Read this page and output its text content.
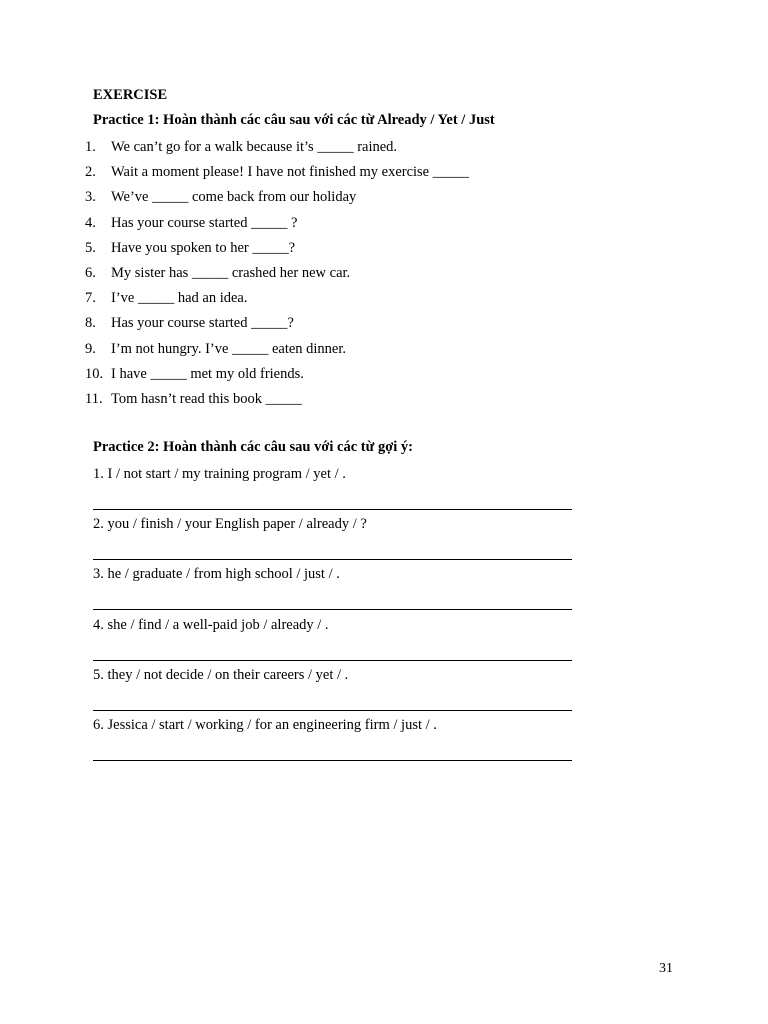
EXERCISE
Practice 1: Hoàn thành các câu sau với các từ Already / Yet / Just
1.	We can’t go for a walk because it’s _____ rained.
2.	Wait a moment please! I have not finished my exercise _____
3.	We’ve _____ come back from our holiday
4.	Has your course started _____ ?
5.	Have you spoken to her _____?
6.	My sister has _____ crashed her new car.
7.	I’ve _____ had an idea.
8.	Has your course started _____?
9.	I’m not hungry. I’ve _____ eaten dinner.
10. I have _____ met my old friends.
11. Tom hasn’t read this book _____
Practice 2: Hoàn thành các câu sau với các từ gợi ý:
1. I / not start / my training program / yet / .
2. you / finish / your English paper / already / ?
3. he / graduate / from high school / just / .
4. she / find / a well-paid job / already / .
5. they / not decide / on their careers / yet / .
6. Jessica / start / working / for an engineering firm / just / .
31
